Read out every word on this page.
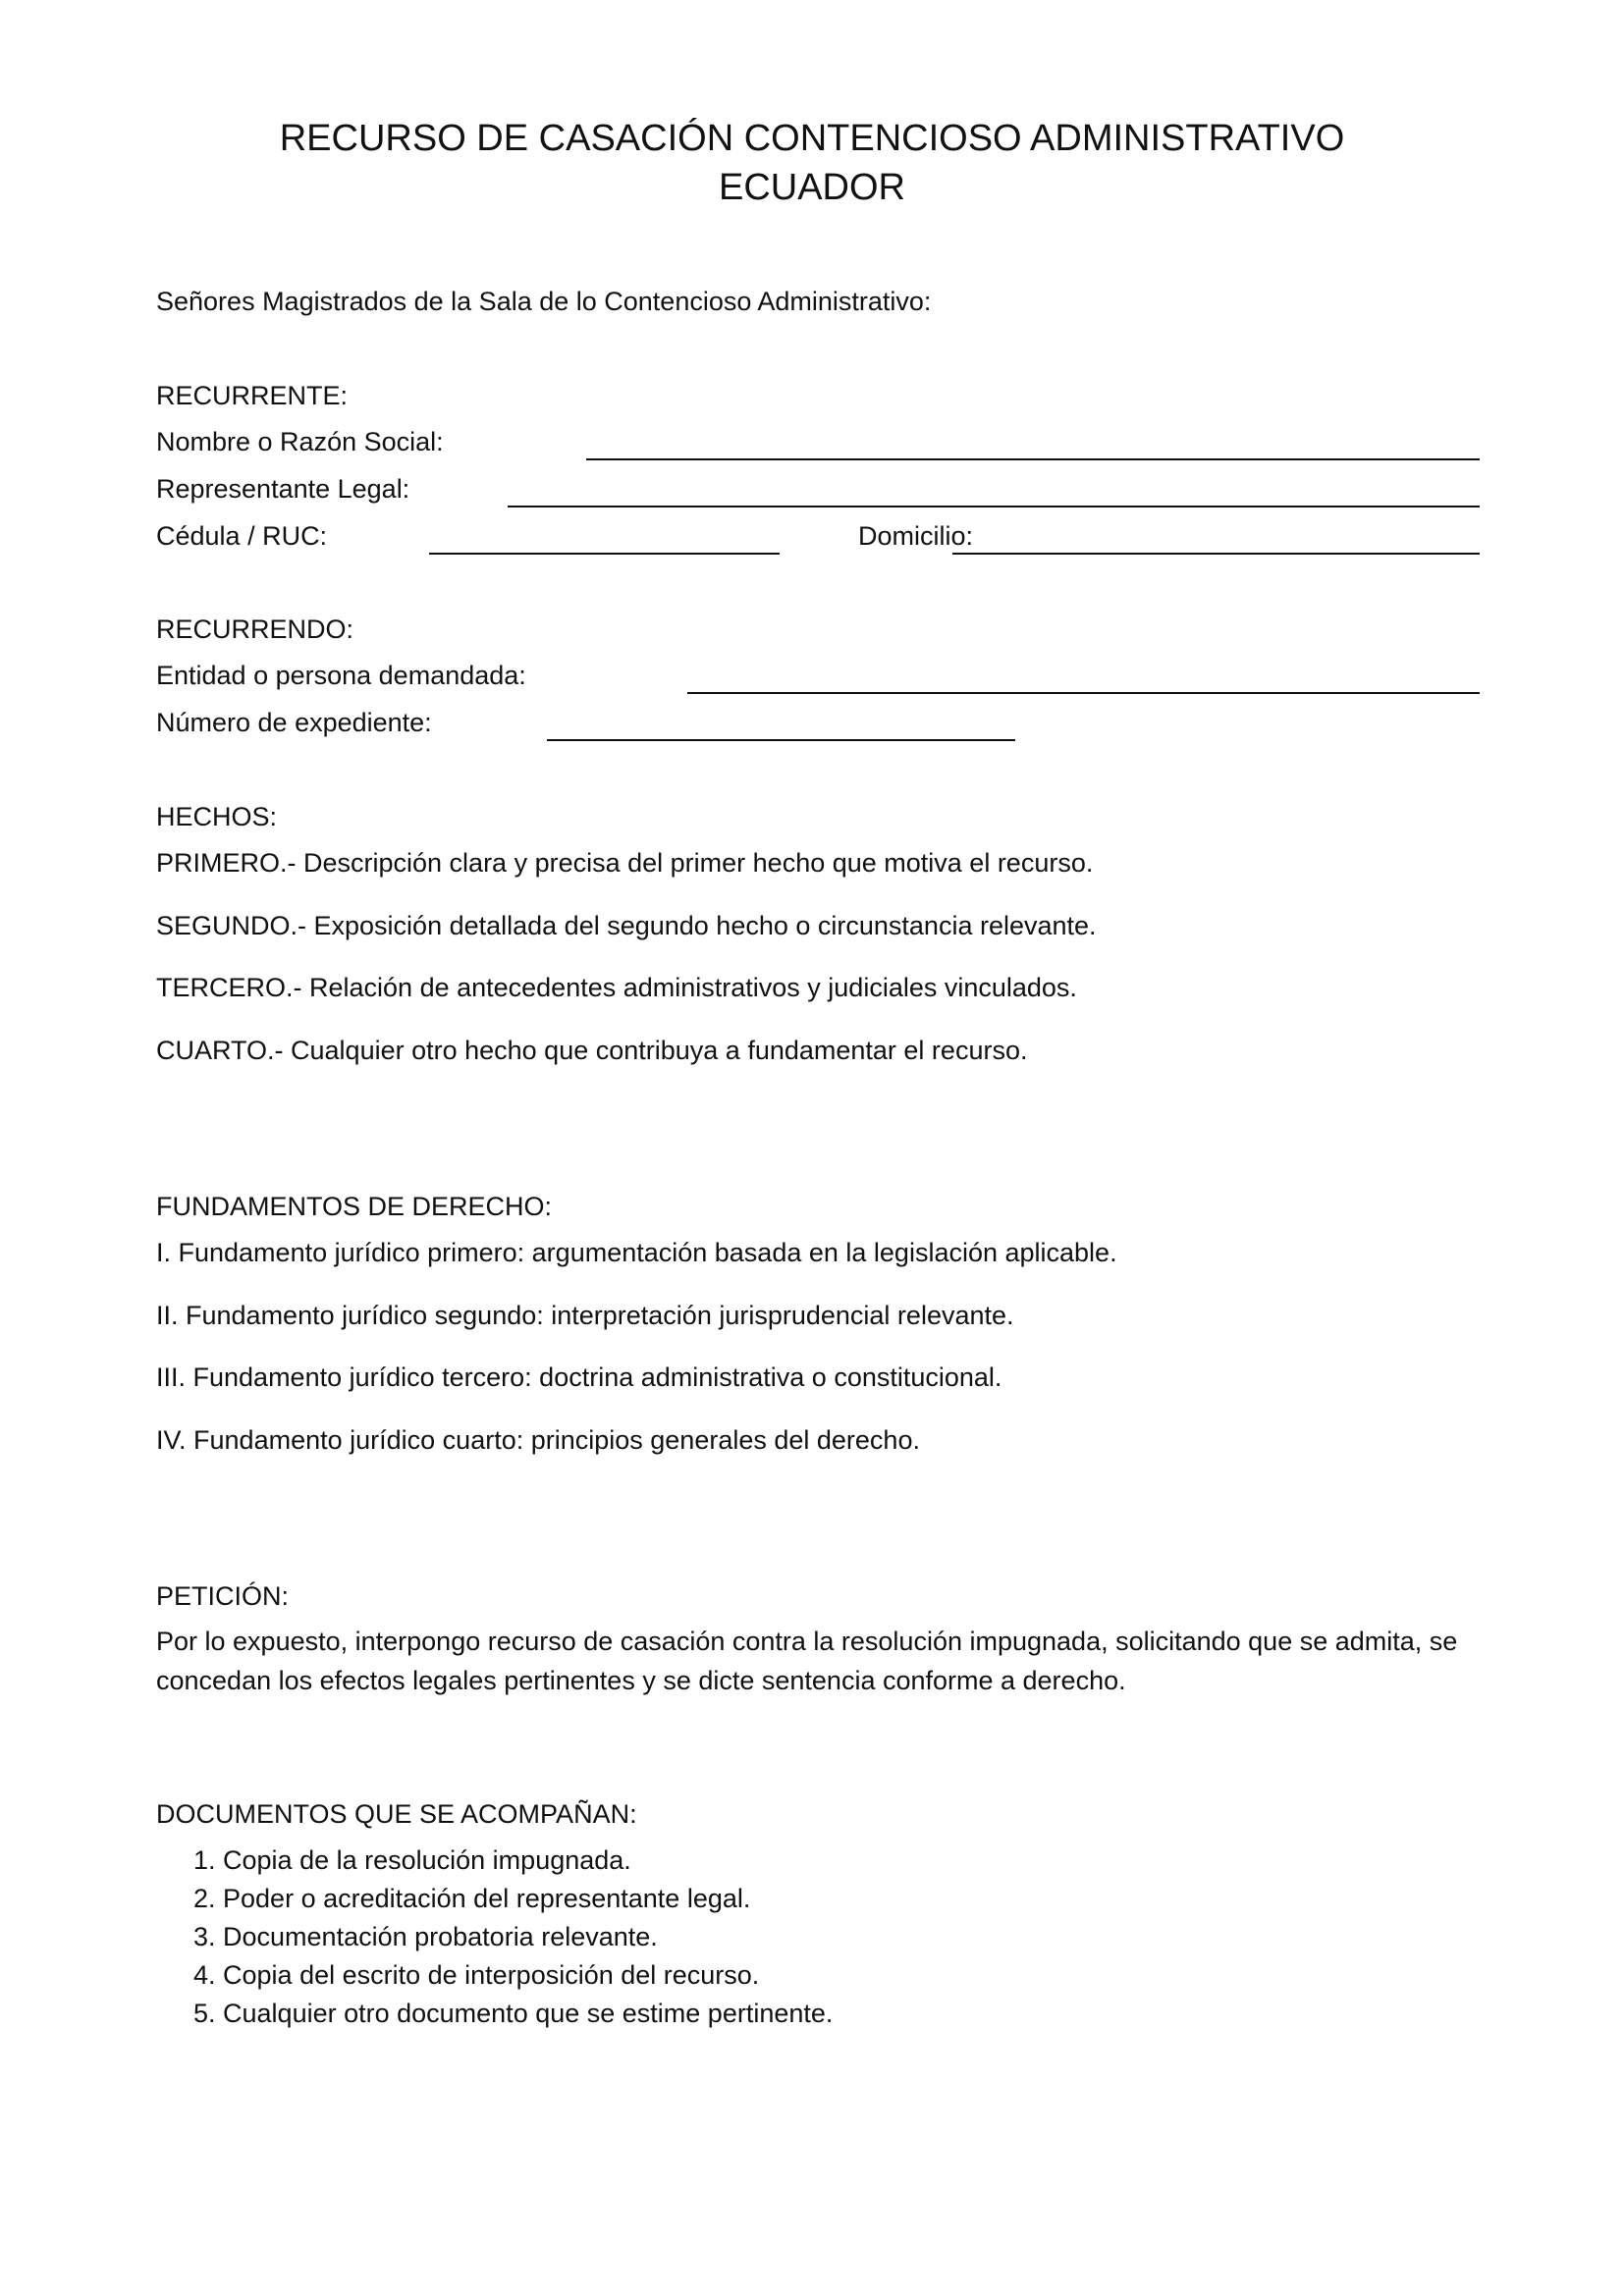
RECURSO DE CASACIÓN CONTENCIOSO ADMINISTRATIVO
ECUADOR
Señores Magistrados de la Sala de lo Contencioso Administrativo:
RECURRENTE:
Nombre o Razón Social:
Representante Legal:
Cédula / RUC:	Domicilio:
RECURRENDO:
Entidad o persona demandada:
Número de expediente:
HECHOS:
PRIMERO.- Descripción clara y precisa del primer hecho que motiva el recurso.
SEGUNDO.- Exposición detallada del segundo hecho o circunstancia relevante.
TERCERO.- Relación de antecedentes administrativos y judiciales vinculados.
CUARTO.- Cualquier otro hecho que contribuya a fundamentar el recurso.
FUNDAMENTOS DE DERECHO:
I. Fundamento jurídico primero: argumentación basada en la legislación aplicable.
II. Fundamento jurídico segundo: interpretación jurisprudencial relevante.
III. Fundamento jurídico tercero: doctrina administrativa o constitucional.
IV. Fundamento jurídico cuarto: principios generales del derecho.
PETICIÓN:
Por lo expuesto, interpongo recurso de casación contra la resolución impugnada, solicitando que se admita, se concedan los efectos legales pertinentes y se dicte sentencia conforme a derecho.
DOCUMENTOS QUE SE ACOMPAÑAN:
1. Copia de la resolución impugnada.
2. Poder o acreditación del representante legal.
3. Documentación probatoria relevante.
4. Copia del escrito de interposición del recurso.
5. Cualquier otro documento que se estime pertinente.
